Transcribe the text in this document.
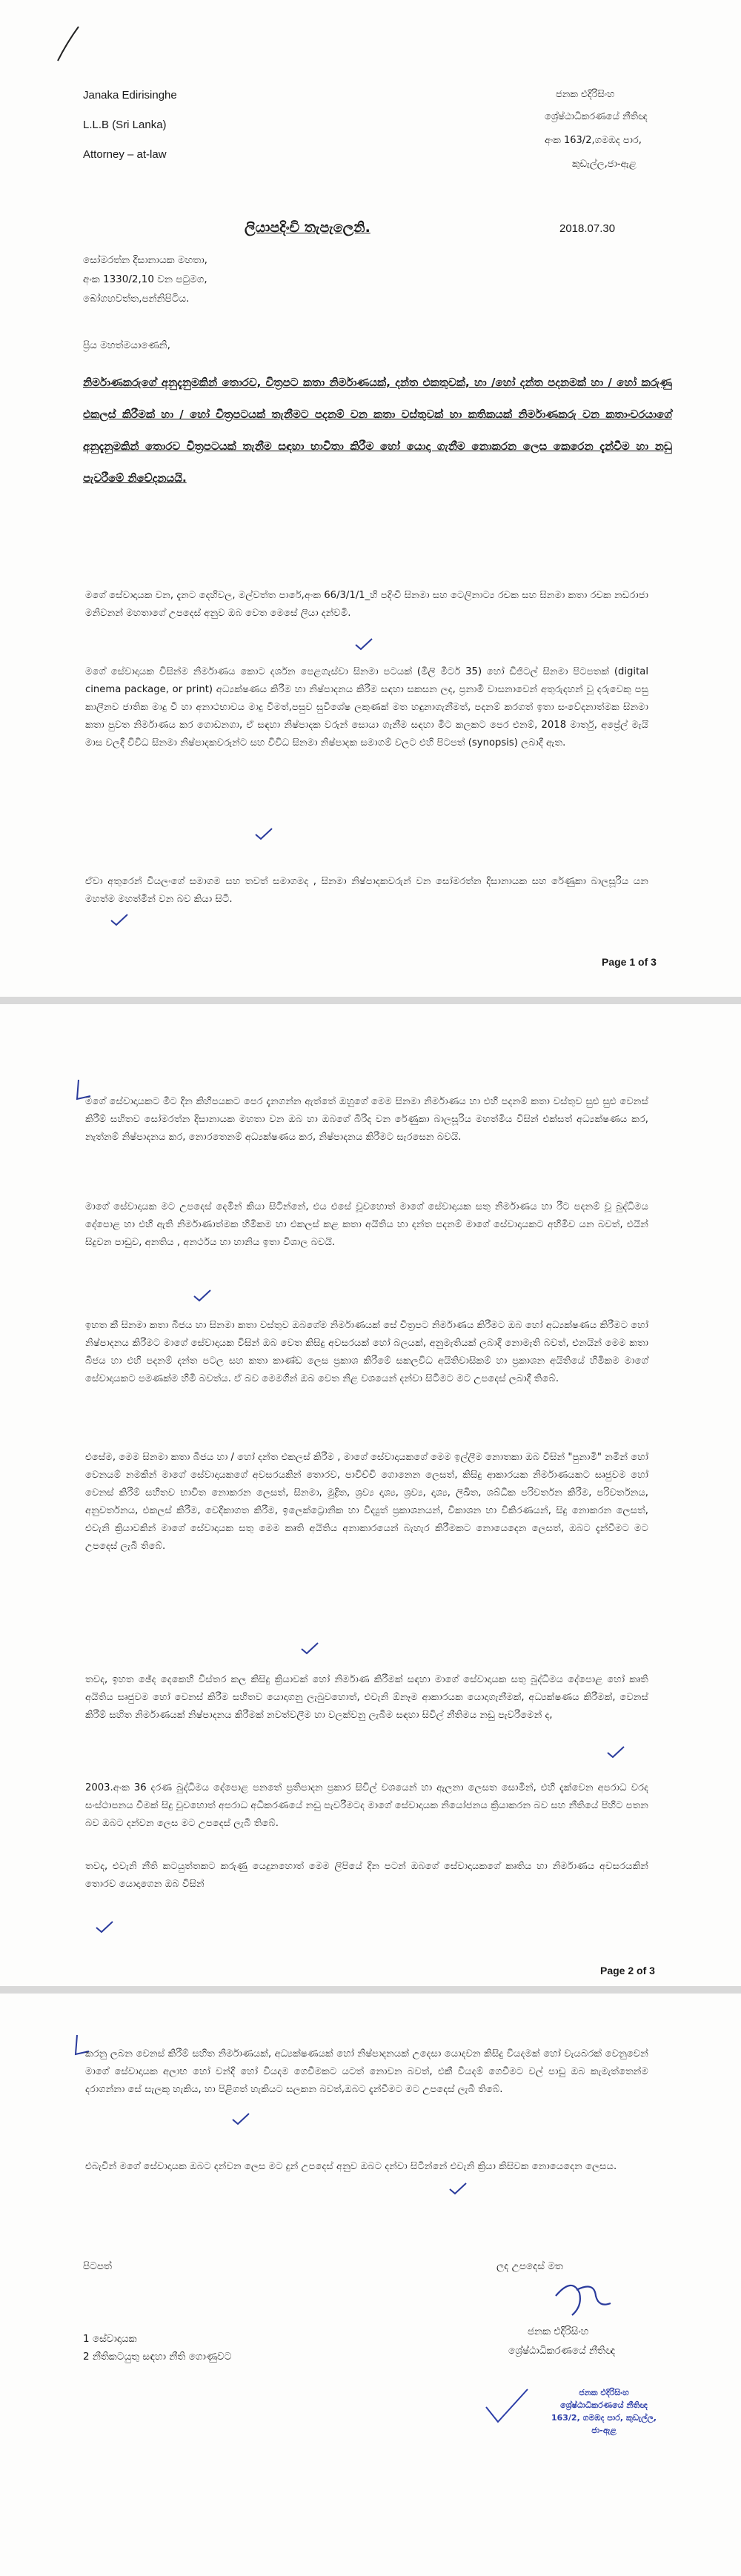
Janaka Edirisinghe
L.L.B (Sri Lanka)
Attorney – at-law
ජනක එදිරිසිංහ
ශ්‍රේෂ්ඨාධිකරණයේ නීතිඥ
අංක 163/2,ගමඹද පාර,
කුඩැල්ල,ජා-ඇළ
ලියාපදිංචි තැපැලෙනි.	2018.07.30
සෝමරත්න දිසානායක මහතා,
අංක 1330/2,10 වන පටුමග,
බෝගහවත්ත,පන්නිපිටිය.
ප්‍රිය මහත්මයාණෙනි,
නිර්මාණකරුගේ අනුදැනුමකින් තොරව, චිත්‍රපට කතා නිර්මාණයක්, දන්ත එකතුවක්, හා /හෝ දන්ත පදනමක් හා / හෝ කරුණු එකලස් කිරීමක් හා / හෝ චිත්‍රපටයක් තැනීමට පදනම් වන කතා වස්තුවක් හා කතිකයක් නිර්මාණකරු වන කතාංචරයාගේ අනුදැනුමකින් තොරව චිත්‍රපටයක් තැනීම සඳහා භාවිතා කිරීම හෝ යොදා ගැනීම නොකරන ලෙස කෙරෙන දැන්වීම හා නඩු පැවරීමේ නිවේදනයයි.
මගේ සේවාදායක වන, දැනට දෙහිවල, මල්වත්ත පාරේ,අංක 66/3/1/1_හි පදිංචි සිනමා සහ ටෙලිනාට්‍ය රචක සහ සිනමා කතා රචක නඩරාජා මනිවනන් මහතාගේ උපදෙස් අනුව ඔබ වෙත මෙසේ ලියා දන්වමි.
මගේ සේවාදායක විසින්ම නිර්මාණය කොට දර්ශන පෙළගැස්වා සිනමා පටයක් (මිලි මීටර් 35) හෝ ඩිජිටල් සිනමා පිටපතක් (digital cinema package, or print) අධ්‍යක්ෂණය කිරීම හා නිෂ්පාදනය කිරීම සඳහා සකසන ලද, ප්‍රනාමි වාසනාවෙන් අතුරුදහන් වූ දරුවෙකු පසු කාලීනව ජාතික මාදු වී හා අනාථභාවය මාදු වීමත්,පසුව සුවිශේෂ ලකුණක් මත හඳුනාගැනීමත්, පදනම් කරගත් ඉතා සංවේදනාත්මක සිනමා කතා පුවත නිර්මාණය කර ගොඩනගා, ඒ සඳහා නිෂ්පාදක වරුන් සොයා ගැනීම සඳහා මීට කලකට පෙර එනම්, 2018 මාර්තු, අප්‍රේල් මැයි මාස වලදී විවිධ සිනමා නිෂ්පාදකවරුන්ට සහ විවිධ සිනමා නිෂ්පාදක සමාගම් වලට එහි පිටපත් (synopsis) ලබාදී ඇත.
ඒවා අතුරෙන් වියලංගේ සමාගම සහ තවත් සමාගමද , සිනමා නිෂ්පාදකවරුන් වන සෝමරත්න දිසානායක සහ රේණුකා බාලසූරිය යන මහත්ම මහත්මීන් වන බව කියා සිටී.
Page 1 of 3
මගේ සේවාදායකට මීට දින කිහිපයකට පෙර දැනගන්න ඇත්තේ ඔහුගේ මෙම සිනමා නිර්මාණය හා එහි පදනම් කතා වස්තුව සුළු සුළු වෙනස් කිරීම් සහිතව සෝමරත්න දිසානායක මහතා වන ඔබ හා ඔබගේ බිරිද වන රේණුකා බාලසූරිය මහත්මිය විසින් එක්සත් අධ්‍යක්ෂණය කර, නැත්නම් නිෂ්පාදනය කර, නොරතෙනම් අධ්‍යක්ෂණය කර, නිෂ්පාදනය කිරීමට සැරසෙන බවයි.
මාගේ සේවාදායක මට උපදෙස් දෙමින් කියා සිටින්නේ, එය එසේ වූවහොත් මාගේ සේවාදායක සතු නිර්මාණය හා රීට පදනම් වූ බුද්ධිමය දේපොළ හා එහි ඇති නිර්මාණාත්මක හිමිකම හා එකලස් කළ කතා අයිතිය හා දන්ත පදනම් මාගේ සේවාදායකට අහිමිව යන බවත්, එයින් සිදුවන පාඩුව, අනතිය , අනර්ථය හා හානිය ඉතා විශාල බවයි.
ඉහත කී සිනමා කතා බීජය හා සිනමා කතා වස්තුව ඔබගේම නිර්මාණයක් සේ චිත්‍රපට නිර්මාණය කිරීමට ඔබ හෝ අධ්‍යක්ෂණය කිරීමට හෝ නිෂ්පාදනය කිරීමට මාගේ සේවාදායක විසින් ඔබ වෙත කිසිදු අවසරයක් හෝ බලයක්, අනුමැතියක් ලබාදී නොමැති බවත්, එනයින් මෙම කතා බීජය හා එහි පදනම් දන්ත පටල සහ කතා කාණ්ඩ ලෙස ප්‍රකාශ කිරීමේ සකලවිධ අයිතිවාසිකම් හා ප්‍රකාශන අයිතියේ හිමිකම මාගේ සේවාදායකට පමණක්ම හිමි බවත්ය. ඒ බව මෙමගින් ඔබ වෙත නිළ වශයෙන් දන්වා සිටීමට මට උපදෙස් ලබාදී තිබේ.
එසේම, මෙම සිනමා කතා බීජය හා / හෝ දන්ත එකලස් කිරීම , මාගේ සේවාදායකගේ මෙම ඉල්ලීම නොතකා ඔබ විසින් "පුනාමි" නමින් හෝ වෙනයම් නමකින් මාගේ සේවාදායකගේ අවසරයකින් තොරව, පාවිච්චි ගොනෙන ලෙසත්, කිසිදු ආකාරයක නිර්මාණයකට සෘජුවම හෝ වෙනස් කිරීම් සහිතව භාවිත නොකරන ලෙසත්, සිනමා, මුද්‍රිත, ශ්‍රව්‍ය දෘශ්‍ය, ශ්‍රව්‍ය, දෘශ්‍ය, ලිඛිත, ශබ්ධික පරිවර්තන කිරීම, පරිවර්තනය, අනුවර්තනය, එකලස් කිරීම, වෙදිකාගත කිරීම, ඉලෙක්ට්‍රොනික හා විද්‍යුත් ප්‍රකාශනයන්, විකාශන හා විකිරණයන්, සිදු නොකරන ලෙසත්, එවැනි ක්‍රියාවකින් මාගේ සේවාදායක සතු මෙම කෘති අයිතිය අනාකාරයෙන් බැහැර කිරීමකට නොයෙදෙන ලෙසත්, ඔබට දැන්වීමට මට උපදෙස් ලැබී තිබේ.
තවද, ඉහත ඡේද දෙකෙහි විස්තර කල කිසිදු ක්‍රියාවක් හෝ නිර්මාණ කිරීමක් සඳහා මාගේ සේවාදායක සතු බුද්ධිමය දේපොළ හෝ කෘති අයිතිය සෘජුවම හෝ වෙනස් කිරීම සහිතව යොදාගනු ලැබුවහොත්, එවැනි ඕනෑම ආකාරයක යොදාගැනීමක්, අධ්‍යක්ෂණය කිරීමක්, වෙනස් කිරීම් සහිත නිර්මාණයක් නිෂ්පාදනය කිරීමක් නවත්වලීම හා වලක්වනු ලැබීම සඳහා සිවිල් නීතිමය නඩු පැවරීමෙන් ද,
2003.අංක 36 දරණ බුද්ධිමය දේපොළ පනතේ ප්‍රතිපාදන ප්‍රකාර සිවිල් වශයෙන් හා ඇලනා ලෙසත සොමින්, එහි දැක්වෙන අපරාධ වරද සංස්ථාපනය වීමක් සිදු වූවහොත් අපරාධ අධිකරණයේ නඩු පැවරීමටද මාගේ සේවාදායක නියෝජනය ක්‍රියාකරන බව සහ නීතියේ පිහිට පතන බව ඔබට දන්වන ලෙස මට උපදෙස් ලැබී තිබේ.
තවද, එවැනි නීති කටයුත්තකට කරුණු යෙදුනහොත් මෙම ලිපියේ දින පටන් ඔබගේ සේවාදායකගේ කෘතිය හා නිර්මාණය අවසරයකින් තොරව යොදාගෙන ඔබ විසින්
Page 2 of 3
කරනු ලබන වෙනස් කිරීම් සහිත නිර්මාණයක්, අධ්‍යක්ෂණයක් හෝ නිෂ්පාදනයක් උදෙසා යොදවන කිසිදු වියදමක් හෝ වැයබරක් වෙනුවෙන් මාගේ සේවාදායක අලාභ හෝ වන්දි හෝ වියදම ගෙවීමකට යටත් නොවන බවත්, එකී වියදම් ගෙවීමට වල් පාඩු ඔබ කැමැත්තෙන්ම දරාගන්නා සේ සැලකූ හැකිය, හා පිළිගත් හැකියට සලකන බවත්,ඔබට දැන්වීමට මට උපදෙස් ලැබී තිබේ.
එබැවින් මගේ සේවාදායක ඔබට දන්වන ලෙස මට දුන් උපදෙස් අනුව ඔබට දන්වා සිටින්නේ එවැනි ක්‍රියා කිසිවක නොයෙදෙන ලෙසය.
පිටපත්	ලද උපදෙස් මත
1 සේවාදායක
2 නීතිකටයුතු සඳහා නීති ගොණුවට
ජනක එදිරිසිංහ
ශ්‍රේෂ්ඨාධිකරණයේ නීතිඥ
ජනක එදිරිසිංහ
ශ්‍රේෂ්ඨාධිකරණයේ නීතිඥ
163/2, ගමඹද පාර, කුඩැල්ල,
ජා-ඇළ
